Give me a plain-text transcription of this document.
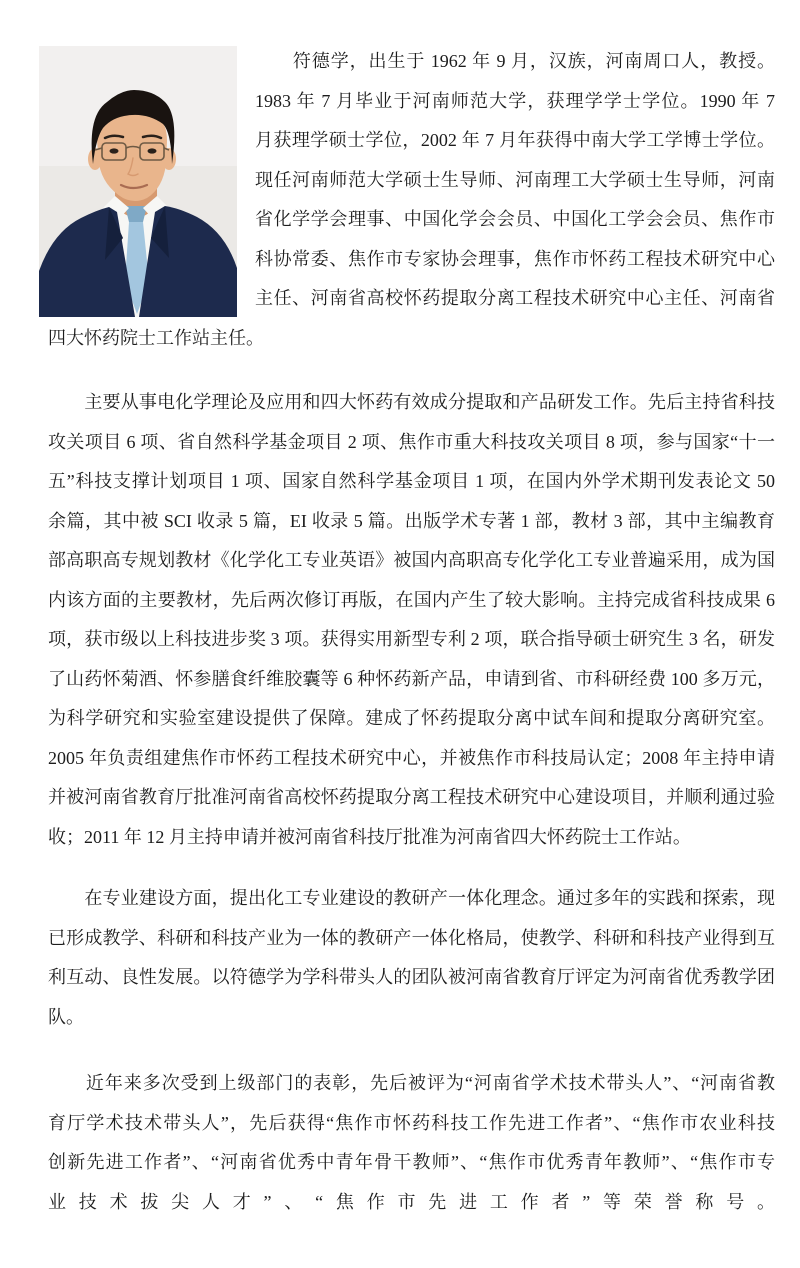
　　符德学，出生于 1962 年 9 月，汉族，河南周口人，教授。
1983 年 7 月毕业于河南师范大学，获理学学士学位。1990 年 7
月获理学硕士学位，2002 年 7 月年获得中南大学工学博士学位。
现任河南师范大学硕士生导师、河南理工大学硕士生导师，河南
省化学学会理事、中国化学会会员、中国化工学会会员、焦作市
科协常委、焦作市专家协会理事，焦作市怀药工程技术研究中心
主任、河南省高校怀药提取分离工程技术研究中心主任、河南省
四大怀药院士工作站主任。
　　主要从事电化学理论及应用和四大怀药有效成分提取和产品研发工作。先后主持省科技
攻关项目 6 项、省自然科学基金项目 2 项、焦作市重大科技攻关项目 8 项，参与国家“十一
五”科技支撑计划项目 1 项、国家自然科学基金项目 1 项，在国内外学术期刊发表论文 50
余篇，其中被 SCI 收录 5 篇，EI 收录 5 篇。出版学术专著 1 部，教材 3 部，其中主编教育
部高职高专规划教材《化学化工专业英语》被国内高职高专化学化工专业普遍采用，成为国
内该方面的主要教材，先后两次修订再版，在国内产生了较大影响。主持完成省科技成果 6
项，获市级以上科技进步奖 3 项。获得实用新型专利 2 项，联合指导硕士研究生 3 名，研发
了山药怀菊酒、怀参膳食纤维胶囊等 6 种怀药新产品，申请到省、市科研经费 100 多万元，
为科学研究和实验室建设提供了保障。建成了怀药提取分离中试车间和提取分离研究室。
2005 年负责组建焦作市怀药工程技术研究中心，并被焦作市科技局认定；2008 年主持申请
并被河南省教育厅批准河南省高校怀药提取分离工程技术研究中心建设项目，并顺利通过验
收；2011 年 12 月主持申请并被河南省科技厅批准为河南省四大怀药院士工作站。
　　在专业建设方面，提出化工专业建设的教研产一体化理念。通过多年的实践和探索，现
已形成教学、科研和科技产业为一体的教研产一体化格局，使教学、科研和科技产业得到互
利互动、良性发展。以符德学为学科带头人的团队被河南省教育厅评定为河南省优秀教学团
队。
　　近年来多次受到上级部门的表彰，先后被评为“河南省学术技术带头人”、“河南省教
育厅学术技术带头人”，先后获得“焦作市怀药科技工作先进工作者”、“焦作市农业科技
创新先进工作者”、“河南省优秀中青年骨干教师”、“焦作市优秀青年教师”、“焦作市专
业技术拔尖人才”、“焦作市先进工作者”等荣誉称号。
